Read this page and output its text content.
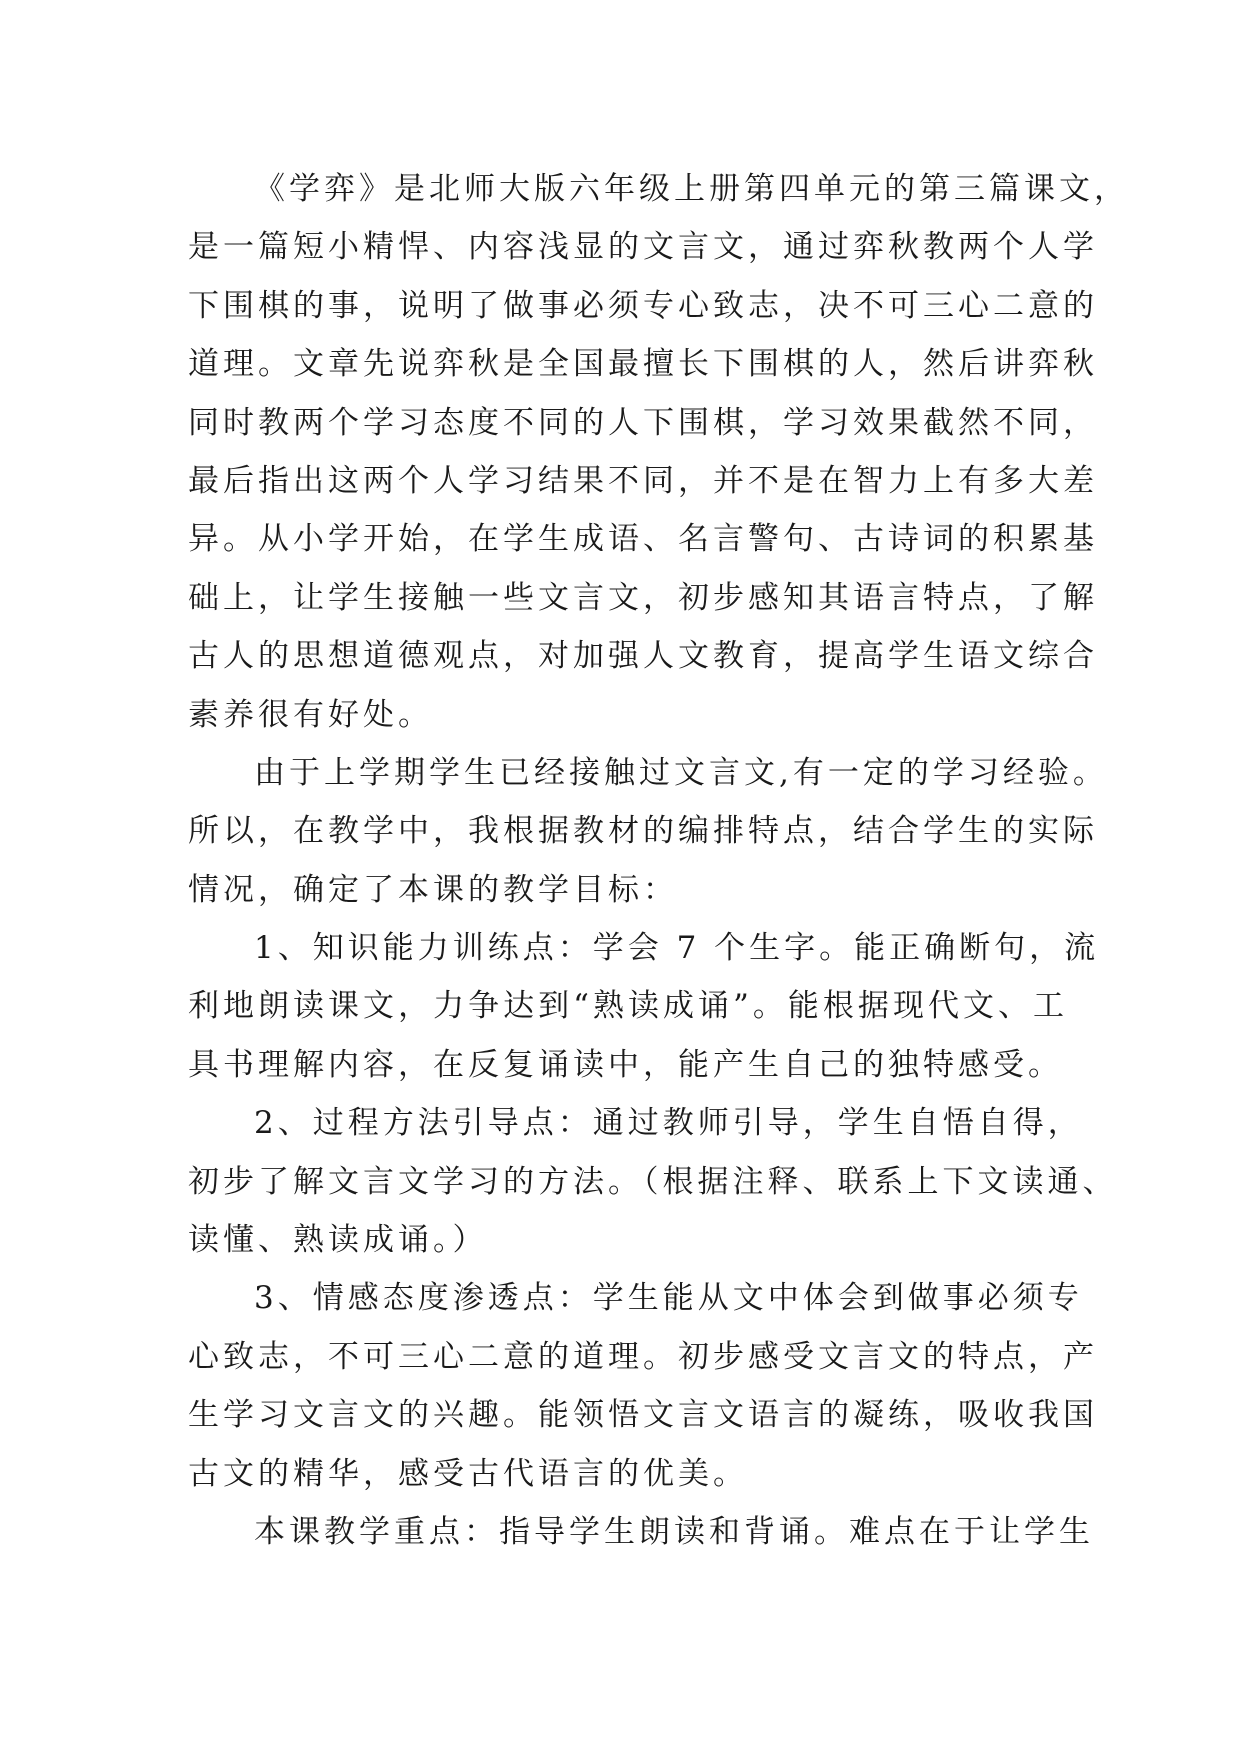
《学弈》是北师大版六年级上册第四单元的第三篇课文，
是一篇短小精悍、内容浅显的文言文，通过弈秋教两个人学
下围棋的事，说明了做事必须专心致志，决不可三心二意的
道理。文章先说弈秋是全国最擅长下围棋的人，然后讲弈秋
同时教两个学习态度不同的人下围棋，学习效果截然不同，
最后指出这两个人学习结果不同，并不是在智力上有多大差
异。从小学开始，在学生成语、名言警句、古诗词的积累基
础上，让学生接触一些文言文，初步感知其语言特点，了解
古人的思想道德观点，对加强人文教育，提高学生语文综合
素养很有好处。
由于上学期学生已经接触过文言文,有一定的学习经验。
所以，在教学中，我根据教材的编排特点，结合学生的实际
情况，确定了本课的教学目标：
1、知识能力训练点：学会 7 个生字。能正确断句，流
利地朗读课文，力争达到“熟读成诵”。能根据现代文、工
具书理解内容，在反复诵读中，能产生自己的独特感受。
2、过程方法引导点：通过教师引导，学生自悟自得，
初步了解文言文学习的方法。（根据注释、联系上下文读通、
读懂、熟读成诵。）
3、情感态度渗透点：学生能从文中体会到做事必须专
心致志，不可三心二意的道理。初步感受文言文的特点，产
生学习文言文的兴趣。能领悟文言文语言的凝练，吸收我国
古文的精华，感受古代语言的优美。
本课教学重点：指导学生朗读和背诵。难点在于让学生
